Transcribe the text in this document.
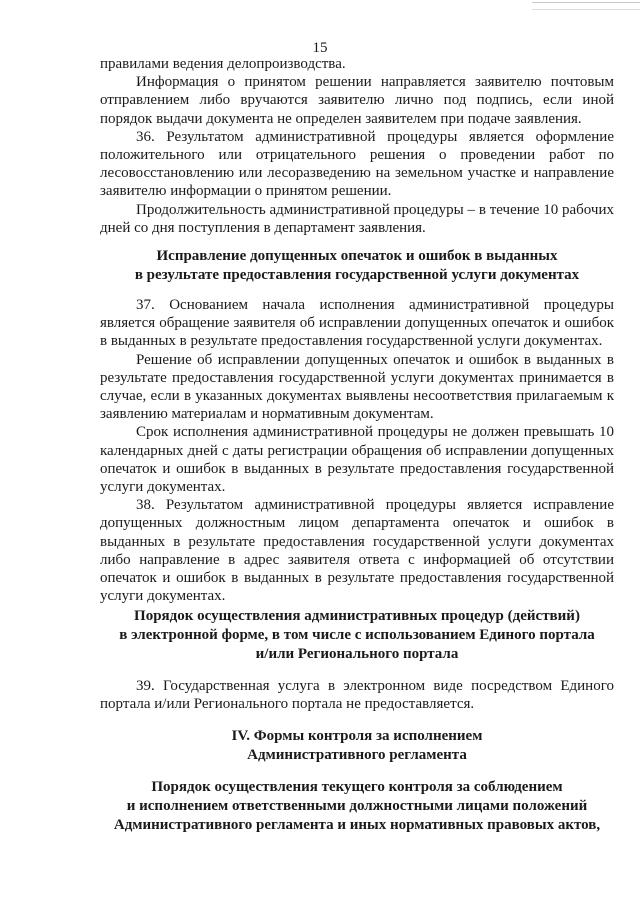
15

правилами ведения делопроизводства.

Информация о принятом решении направляется заявителю почтовым отправлением либо вручаются заявителю лично под подпись, если иной порядок выдачи документа не определен заявителем при подаче заявления.

36. Результатом административной процедуры является оформление положительного или отрицательного решения о проведении работ по лесовосстановлению или лесоразведению на земельном участке и направление заявителю информации о принятом решении.

Продолжительность административной процедуры – в течение 10 рабочих дней со дня поступления в департамент заявления.

Исправление допущенных опечаток и ошибок в выданных
в результате предоставления государственной услуги документах

37. Основанием начала исполнения административной процедуры является обращение заявителя об исправлении допущенных опечаток и ошибок в выданных в результате предоставления государственной услуги документах.

Решение об исправлении допущенных опечаток и ошибок в выданных в результате предоставления государственной услуги документах принимается в случае, если в указанных документах выявлены несоответствия прилагаемым к заявлению материалам и нормативным документам.

Срок исполнения административной процедуры не должен превышать 10 календарных дней с даты регистрации обращения об исправлении допущенных опечаток и ошибок в выданных в результате предоставления государственной услуги документах.

38. Результатом административной процедуры является исправление допущенных должностным лицом департамента опечаток и ошибок в выданных в результате предоставления государственной услуги документах либо направление в адрес заявителя ответа с информацией об отсутствии опечаток и ошибок в выданных в результате предоставления государственной услуги документах.

Порядок осуществления административных процедур (действий)
в электронной форме, в том числе с использованием Единого портала
и/или Регионального портала

39. Государственная услуга в электронном виде посредством Единого портала и/или Регионального портала не предоставляется.

IV. Формы контроля за исполнением
Административного регламента

Порядок осуществления текущего контроля за соблюдением
и исполнением ответственными должностными лицами положений
Административного регламента и иных нормативных правовых актов,
